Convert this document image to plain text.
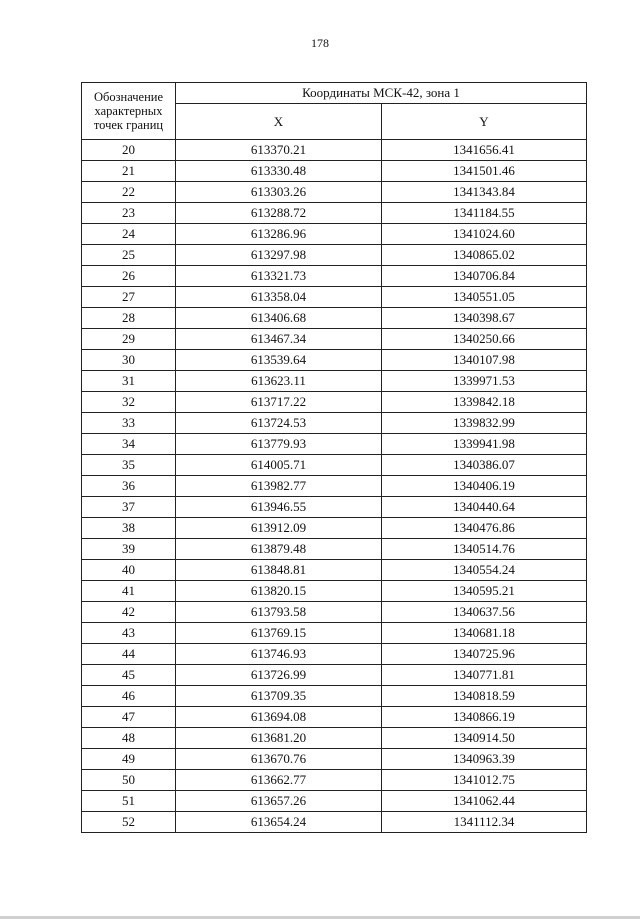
178
Обозначение характерных точек границ	Координаты МСК-42, зона 1	
	X	Y
20	613370.21	1341656.41
21	613330.48	1341501.46
22	613303.26	1341343.84
23	613288.72	1341184.55
24	613286.96	1341024.60
25	613297.98	1340865.02
26	613321.73	1340706.84
27	613358.04	1340551.05
28	613406.68	1340398.67
29	613467.34	1340250.66
30	613539.64	1340107.98
31	613623.11	1339971.53
32	613717.22	1339842.18
33	613724.53	1339832.99
34	613779.93	1339941.98
35	614005.71	1340386.07
36	613982.77	1340406.19
37	613946.55	1340440.64
38	613912.09	1340476.86
39	613879.48	1340514.76
40	613848.81	1340554.24
41	613820.15	1340595.21
42	613793.58	1340637.56
43	613769.15	1340681.18
44	613746.93	1340725.96
45	613726.99	1340771.81
46	613709.35	1340818.59
47	613694.08	1340866.19
48	613681.20	1340914.50
49	613670.76	1340963.39
50	613662.77	1341012.75
51	613657.26	1341062.44
52	613654.24	1341112.34
